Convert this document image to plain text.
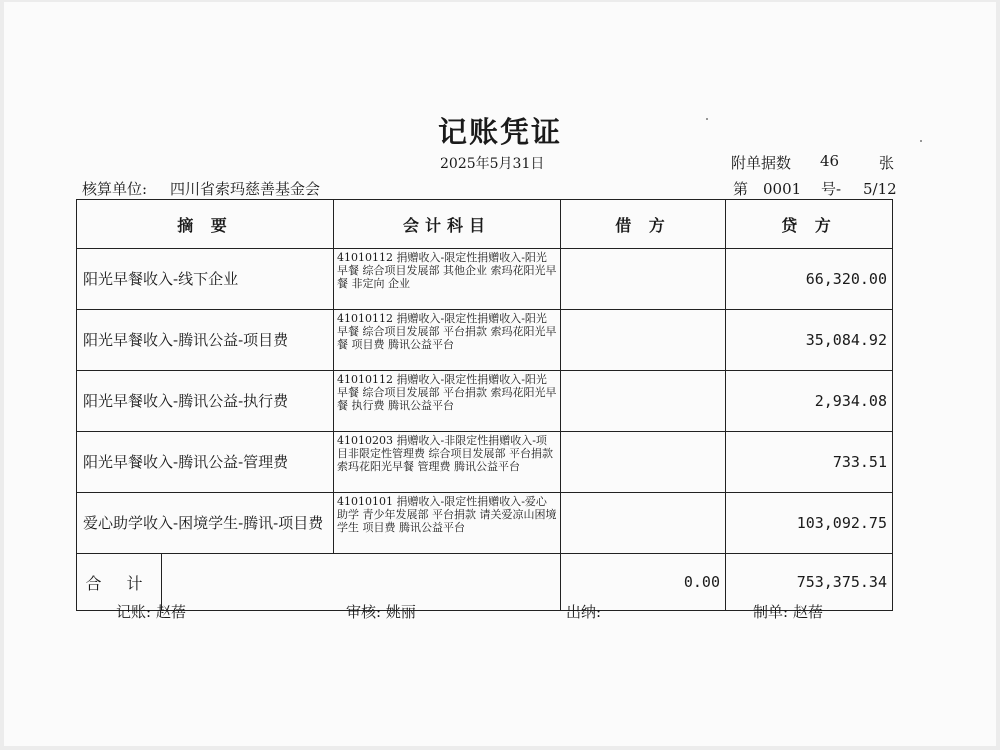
记账凭证
2025年5月31日	附单据数 46	张
核算单位: 四川省索玛慈善基金会	第 0001 号- 5/12
摘 要		会计科目	借 方	贷 方
阳光早餐收入-线下企业		41010112 捐赠收入-限定性捐赠收入-阳光早餐 综合项目发展部 其他企业 索玛花阳光早餐 非定向 企业		66,320.00
阳光早餐收入-腾讯公益-项目费		41010112 捐赠收入-限定性捐赠收入-阳光早餐 综合项目发展部 平台捐款 索玛花阳光早餐 项目费 腾讯公益平台		35,084.92
阳光早餐收入-腾讯公益-执行费		41010112 捐赠收入-限定性捐赠收入-阳光早餐 综合项目发展部 平台捐款 索玛花阳光早餐 执行费 腾讯公益平台		2,934.08
阳光早餐收入-腾讯公益-管理费		41010203 捐赠收入-非限定性捐赠收入-项目非限定性管理费 综合项目发展部 平台捐款 索玛花阳光早餐 管理费 腾讯公益平台		733.51
爱心助学收入-困境学生-腾讯-项目费		41010101 捐赠收入-限定性捐赠收入-爱心助学 青少年发展部 平台捐款 请关爱凉山困境学生 项目费 腾讯公益平台		103,092.75
合 计			0.00	753,375.34
记账: 赵蓓	审核: 姚丽	出纳:	制单: 赵蓓
